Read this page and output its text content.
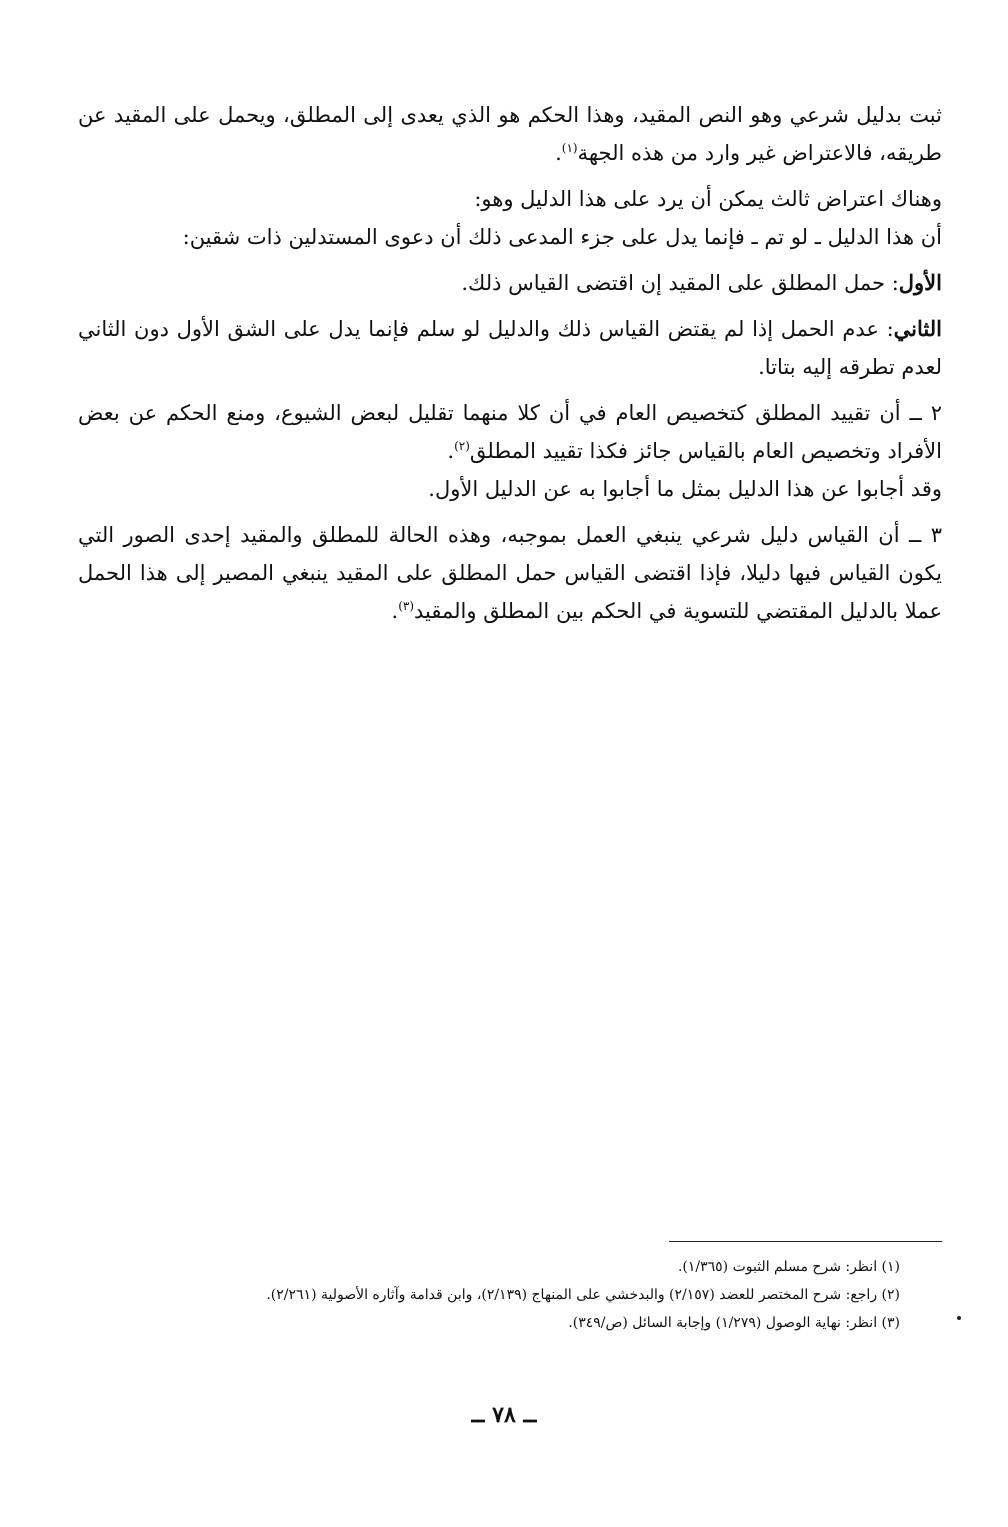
ثبت بدليل شرعي وهو النص المقيد، وهذا الحكم هو الذي يعدى إلى المطلق، ويحمل على المقيد عن طريقه، فالاعتراض غير وارد من هذه الجهة$^{(١)}$.

وهناك اعتراض ثالث يمكن أن يرد على هذا الدليل وهو:

أن هذا الدليل ـ لو تم ـ فإنما يدل على جزء المدعى ذلك أن دعوى المستدلين ذات شقين:

الأول: حمل المطلق على المقيد إن اقتضى القياس ذلك.

الثاني: عدم الحمل إذا لم يقتض القياس ذلك والدليل لو سلم فإنما يدل على الشق الأول دون الثاني لعدم تطرقه إليه بتاتا.

٢ ــ أن تقييد المطلق كتخصيص العام في أن كلا منهما تقليل لبعض الشيوع، ومنع الحكم عن بعض الأفراد وتخصيص العام بالقياس جائز فكذا تقييد المطلق$^{(٢)}$.

وقد أجابوا عن هذا الدليل بمثل ما أجابوا به عن الدليل الأول.

٣ ــ أن القياس دليل شرعي ينبغي العمل بموجبه، وهذه الحالة للمطلق والمقيد إحدى الصور التي يكون القياس فيها دليلا، فإذا اقتضى القياس حمل المطلق على المقيد ينبغي المصير إلى هذا الحمل عملا بالدليل المقتضي للتسوية في الحكم بين المطلق والمقيد$^{(٣)}$.

(١) انظر: شرح مسلم الثبوت (١/٣٦٥).
(٢) راجع: شرح المختصر للعضد (٢/١٥٧) والبدخشي على المنهاج (٢/١٣٩)، وابن قدامة وآثاره الأصولية (٢/٢٦١).
(٣) انظر: نهاية الوصول (١/٢٧٩) وإجابة السائل (ص/٣٤٩).
ــ ٧٨ ــ
